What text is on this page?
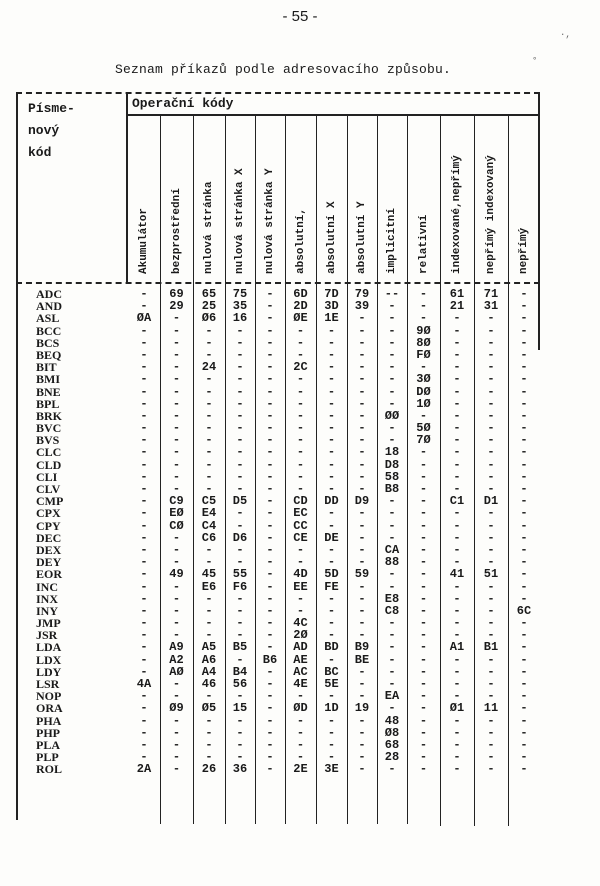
- 55 -
Seznam příkazů podle adresovacího způsobu.
·,
°
Písme-
nový
kód
Operační kódy
ADC
AND
ASL
BCC
BCS
BEQ
BIT
BMI
BNE
BPL
BRK
BVC
BVS
CLC
CLD
CLI
CLV
CMP
CPX
CPY
DEC
DEX
DEY
EOR
INC
INX
INY
JMP
JSR
LDA
LDX
LDY
LSR
NOP
ORA
PHA
PHP
PLA
PLP
ROL
Akumulátor
-
-
ØA
-
-
-
-
-
-
-
-
-
-
-
-
-
-
-
-
-
-
-
-
-
-
-
-
-
-
-
-
-
4A
-
-
-
-
-
-
2A
bezprostřední
69
29
-
-
-
-
-
-
-
-
-
-
-
-
-
-
-
C9
EØ
CØ
-
-
-
49
-
-
-
-
-
A9
A2
AØ
-
-
Ø9
-
-
-
-
-
nulová stránka
65
25
Ø6
-
-
-
24
-
-
-
-
-
-
-
-
-
-
C5
E4
C4
C6
-
-
45
E6
-
-
-
-
A5
A6
A4
46
-
Ø5
-
-
-
-
26
nulová stránka X
75
35
16
-
-
-
-
-
-
-
-
-
-
-
-
-
-
D5
-
-
D6
-
-
55
F6
-
-
-
-
B5
-
B4
56
-
15
-
-
-
-
36
nulová stránka Y
-
-
-
-
-
-
-
-
-
-
-
-
-
-
-
-
-
-
-
-
-
-
-
-
-
-
-
-
-
-
B6
-
-
-
-
-
-
-
-
-
absolutní,
6D
2D
ØE
-
-
-
2C
-
-
-
-
-
-
-
-
-
-
CD
EC
CC
CE
-
-
4D
EE
-
-
4C
2Ø
AD
AE
AC
4E
-
ØD
-
-
-
-
2E
absolutní X
7D
3D
1E
-
-
-
-
-
-
-
-
-
-
-
-
-
-
DD
-
-
DE
-
-
5D
FE
-
-
-
-
BD
-
BC
5E
-
1D
-
-
-
-
3E
absolutní Y
79
39
-
-
-
-
-
-
-
-
-
-
-
-
-
-
-
D9
-
-
-
-
-
59
-
-
-
-
-
B9
BE
-
-
-
19
-
-
-
-
-
implicitní
--
-
-
-
-
-
-
-
-
-
ØØ
-
-
18
D8
58
B8
-
-
-
-
CA
88
-
-
E8
C8
-
-
-
-
-
-
EA
-
48
Ø8
68
28
-
relativní
-
-
-
9Ø
8Ø
FØ
-
3Ø
DØ
1Ø
-
5Ø
7Ø
-
-
-
-
-
-
-
-
-
-
-
-
-
-
-
-
-
-
-
-
-
-
-
-
-
-
-
indexované,nepřímý
61
21
-
-
-
-
-
-
-
-
-
-
-
-
-
-
-
C1
-
-
-
-
-
41
-
-
-
-
-
A1
-
-
-
-
Ø1
-
-
-
-
-
nepřímý indexovaný
71
31
-
-
-
-
-
-
-
-
-
-
-
-
-
-
-
D1
-
-
-
-
-
51
-
-
-
-
-
B1
-
-
-
-
11
-
-
-
-
-
nepřímý
-
-
-
-
-
-
-
-
-
-
-
-
-
-
-
-
-
-
-
-
-
-
-
-
-
-
6C
-
-
-
-
-
-
-
-
-
-
-
-
-
